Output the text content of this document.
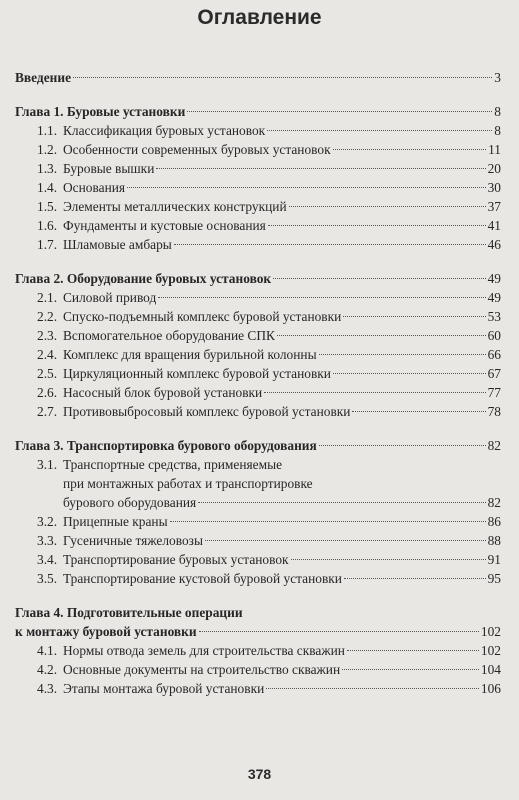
Оглавление
Введение	3
Глава 1. Буровые установки	8
1.1. Классификация буровых установок	8
1.2. Особенности современных буровых установок	11
1.3. Буровые вышки	20
1.4. Основания	30
1.5. Элементы металлических конструкций	37
1.6. Фундаменты и кустовые основания	41
1.7. Шламовые амбары	46
Глава 2. Оборудование буровых установок	49
2.1. Силовой привод	49
2.2. Спуско-подъемный комплекс буровой установки	53
2.3. Вспомогательное оборудование СПК	60
2.4. Комплекс для вращения бурильной колонны	66
2.5. Циркуляционный комплекс буровой установки	67
2.6. Насосный блок буровой установки	77
2.7. Противовыбросовый комплекс буровой установки	78
Глава 3. Транспортировка бурового оборудования	82
3.1. Транспортные средства, применяемые
при монтажных работах и транспортировке
бурового оборудования	82
3.2. Прицепные краны	86
3.3. Гусеничные тяжеловозы	88
3.4. Транспортирование буровых установок	91
3.5. Транспортирование кустовой буровой установки	95
Глава 4. Подготовительные операции
к монтажу буровой установки	102
4.1. Нормы отвода земель для строительства скважин	102
4.2. Основные документы на строительство скважин	104
4.3. Этапы монтажа буровой установки	106
378
